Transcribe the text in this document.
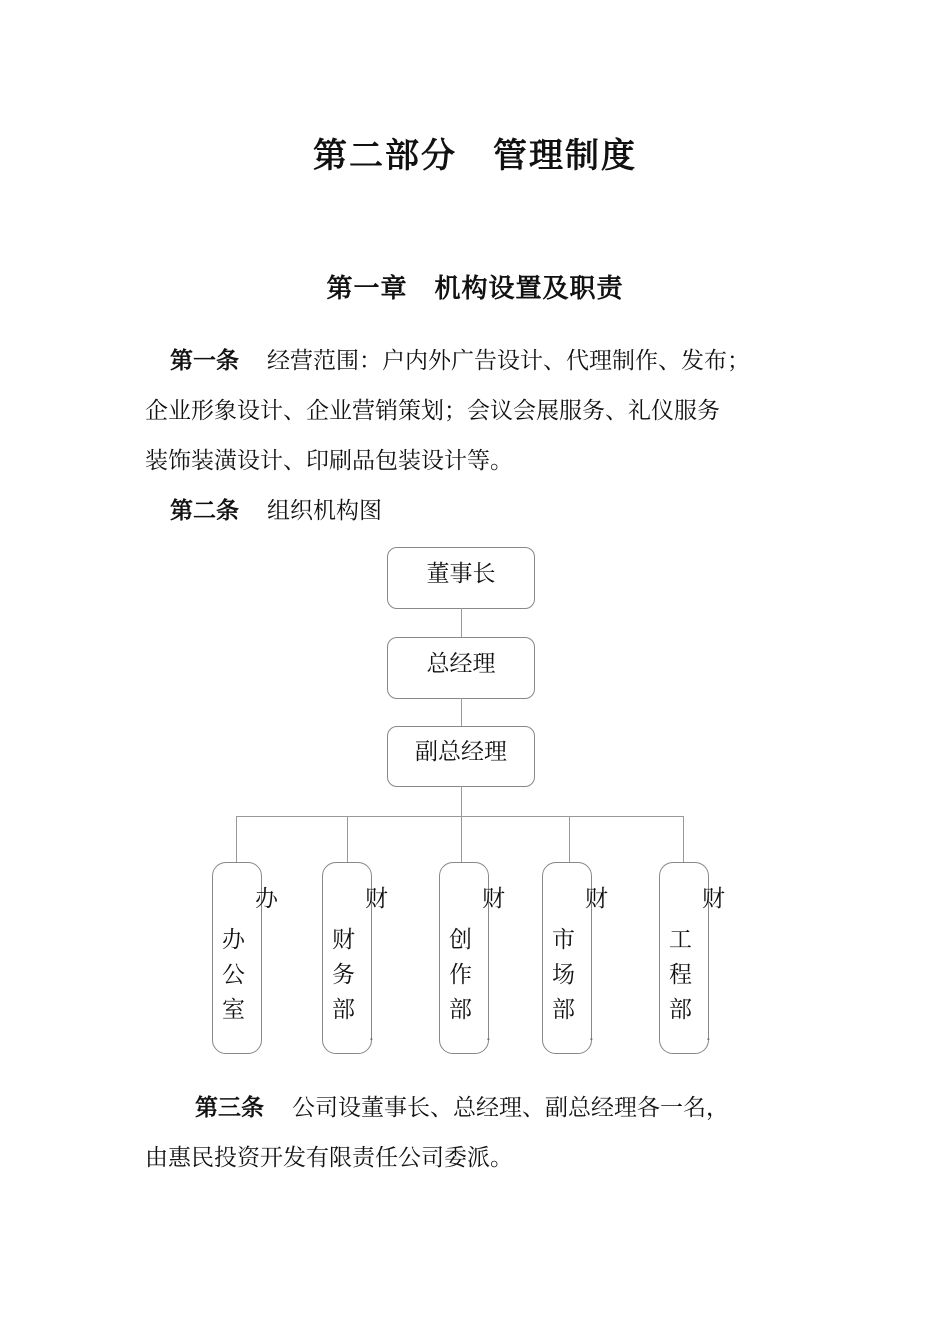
第二部分　管理制度
第一章　机构设置及职责
第一条 经营范围：户内外广告设计、代理制作、发布；
企业形象设计、企业营销策划；会议会展服务、礼仪服务
装饰装潢设计、印刷品包装设计等。
第二条 组织机构图
董事长
总经理
副总经理
办
办公室
财
财务部
-
财
创作部
-
财
市场部
-
财
工程部
-
第三条 公司设董事长、总经理、副总经理各一名，
由惠民投资开发有限责任公司委派。
